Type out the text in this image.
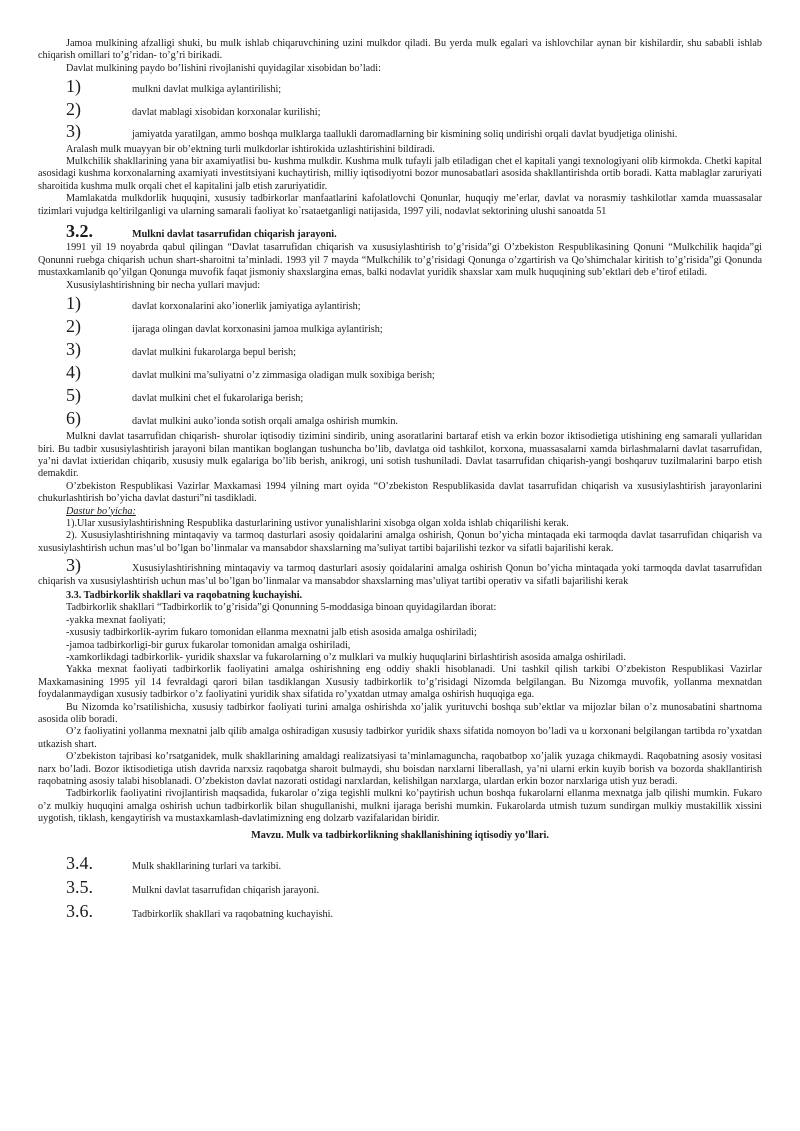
Jamoa mulkining afzalligi shuki, bu mulk ishlab chiqaruvchining uzini mulkdor qiladi. Bu yerda mulk egalari va ishlovchilar aynan bir kishilardir, shu sababli ishlab chiqarish omillari to’g’ridan- to’g’ri birikadi.

Davlat mulkining paydo bo’lishini rivojlanishi quyidagilar xisobidan bo’ladi:

1)	mulkni davlat mulkiga aylantirilishi;
2)	davlat mablagi xisobidan korxonalar kurilishi;
3)	jamiyatda yaratilgan, ammo boshqa mulklarga taallukli daromadlarning bir kismining soliq undirishi orqali davlat byudjetiga olinishi.

Aralash mulk muayyan bir ob’ektning turli mulkdorlar ishtirokida uzlashtirishini bildiradi.

Mulkchilik shakllarining yana bir axamiyatlisi bu- kushma mulkdir. Kushma mulk tufayli jalb etiladigan chet el kapitali yangi texnologiyani olib kirmokda. Chetki kapital asosidagi kushma korxonalarning axamiyati investitsiyani kuchaytirish, milliy iqtisodiyotni bozor munosabatlari asosida shakllantirishda ortib boradi. Katta mablaglar zaruriyati sharoitida kushma mulk orqali chet el kapitalini jalb etish zaruriyatidir.

Mamlakatda mulkdorlik huquqini, xususiy tadbirkorlar manfaatlarini kafolatlovchi Qonunlar, huquqiy me’erlar, davlat va norasmiy tashkilotlar xamda muassasalar tizimlari vujudga keltirilganligi va ularning samarali faoliyat ko`rsataetganligi natijasida, 1997 yili, nodavlat sektorining ulushi sanoatda 51

3.2.	Mulkni davlat tasarrufidan chiqarish jarayoni.

1991 yil 19 noyabrda qabul qilingan “Davlat tasarrufidan chiqarish va xususiylashtirish to’g’risida”gi O’zbekiston Respublikasining Qonuni “Mulkchilik haqida”gi Qonunni ruebga chiqarish uchun shart-sharoitni ta’minladi. 1993 yil 7 mayda “Mulkchilik to’g’risidagi Qonunga o’zgartirish va Qo’shimchalar kiritish to’g’risida”gi Qonunda mustaxkamlanib qo’yilgan Qonunga muvofik faqat jismoniy shaxslargina emas, balki nodavlat yuridik shaxslar xam mulk huquqining sub’ektlari deb e’tirof etiladi.

Xususiylashtirishning bir necha yullari mavjud:

1)	davlat korxonalarini ako’ionerlik jamiyatiga aylantirish;
2)	ijaraga olingan davlat korxonasini jamoa mulkiga aylantirish;
3)	davlat mulkini fukarolarga bepul berish;
4)	davlat mulkini ma’suliyatni o’z zimmasiga oladigan mulk soxibiga berish;
5)	davlat mulkini chet el fukarolariga berish;
6)	davlat mulkini auko’ionda sotish orqali amalga oshirish mumkin.

Mulkni davlat tasarrufidan chiqarish- shurolar iqtisodiy tizimini sindirib, uning asoratlarini bartaraf etish va erkin bozor iktisodietiga utishining eng samarali yullaridan biri. Bu tadbir xususiylashtirish jarayoni bilan mantikan boglangan tushuncha bo’lib, davlatga oid tashkilot, korxona, muassasalarni xamda birlashmalarni davlat tasarrufidan, ya’ni davlat ixtieridan chiqarib, xususiy mulk egalariga bo’lib berish, anikrogi, uni sotish tushuniladi. Davlat tasarrufidan chiqarish-yangi boshqaruv tuzilmalarini barpo etish demakdir.

O’zbekiston Respublikasi Vazirlar Maxkamasi 1994 yilning mart oyida “O’zbekiston Respublikasida davlat tasarrufidan chiqarish va xususiylashtirish jarayonlarini chukurlashtirish bo’yicha davlat dasturi”ni tasdikladi.

Dastur bo’yicha:

1).Ular xususiylashtirishning Respublika dasturlarining ustivor yunalishlarini xisobga olgan xolda ishlab chiqarilishi kerak.

2). Xususiylashtirishning mintaqaviy va tarmoq dasturlari asosiy qoidalarini amalga oshirish, Qonun bo’yicha mintaqada eki tarmoqda davlat tasarrufidan chiqarish va xususiylashtirish uchun mas’ul bo’lgan bo’linmalar va mansabdor shaxslarning ma’suliyat tartibi bajarilishi tezkor va sifatli bajarilishi kerak.

3)	Xususiylashtirishning mintaqaviy va tarmoq dasturlari asosiy qoidalarini amalga oshirish Qonun bo’yicha mintaqada yoki tarmoqda davlat tasarrufidan chiqarish va xususiylashtirish uchun mas’ul bo’lgan bo’linmalar va mansabdor shaxslarning mas’uliyat tartibi operativ va sifatli bajarilishi kerak

3.3. Tadbirkorlik shakllari va raqobatning kuchayishi.

Tadbirkorlik shakllari “Tadbirkorlik to’g’risida”gi Qonunning 5-moddasiga binoan quyidagilardan iborat:

-yakka mexnat faoliyati;

-xususiy tadbirkorlik-ayrim fukaro tomonidan ellanma mexnatni jalb etish asosida amalga oshiriladi;

-jamoa tadbirkorligi-bir gurux fukarolar tomonidan amalga oshiriladi,

-xamkorlikdagi tadbirkorlik- yuridik shaxslar va fukarolarning o’z mulklari va mulkiy huquqlarini birlashtirish asosida amalga oshiriladi.

Yakka mexnat faoliyati tadbirkorlik faoliyatini amalga oshirishning eng oddiy shakli hisoblanadi. Uni tashkil qilish tarkibi O’zbekiston Respublikasi Vazirlar Maxkamasining 1995 yil 14 fevraldagi qarori bilan tasdiklangan Xususiy tadbirkorlik to’g’risidagi Nizomda belgilangan. Bu Nizomga muvofik, yollanma mexnatdan foydalanmaydigan xususiy tadbirkor o’z faoliyatini yuridik shax sifatida ro’yxatdan utmay amalga oshirish huquqiga ega.

Bu Nizomda ko’rsatilishicha, xususiy tadbirkor faoliyati turini amalga oshirishda xo’jalik yurituvchi boshqa sub’ektlar va mijozlar bilan o’z munosabatini shartnoma asosida olib boradi.

O’z faoliyatini yollanma mexnatni jalb qilib amalga oshiradigan xususiy tadbirkor yuridik shaxs sifatida nomoyon bo’ladi va u korxonani belgilangan tartibda ro’yxatdan utkazish shart.

O’zbekiston tajribasi ko’rsatganidek, mulk shakllarining amaldagi realizatsiyasi ta’minlamaguncha, raqobatbop xo’jalik yuzaga chikmaydi. Raqobatning asosiy vositasi narx bo’ladi. Bozor iktisodietiga utish davrida narxsiz raqobatga sharoit bulmaydi, shu boisdan narxlarni liberallash, ya’ni ularni erkin kuyib borish va bozorda shakllantirish raqobatning asosiy talabi hisoblanadi. O’zbekiston davlat nazorati ostidagi narxlardan, kelishilgan narxlarga, ulardan erkin bozor narxlariga utish yuz beradi.

Tadbirkorlik faoliyatini rivojlantirish maqsadida, fukarolar o’ziga tegishli mulkni ko’paytirish uchun boshqa fukarolarni ellanma mexnatga jalb qilishi mumkin. Fukaro o’z mulkiy huquqini amalga oshirish uchun tadbirkorlik bilan shugullanishi, mulkni ijaraga berishi mumkin. Fukarolarda utmish tuzum sundirgan mulkiy mustakillik xissini uygotish, tiklash, kengaytirish va mustaxkamlash-davlatimizning eng dolzarb vazifalaridan biridir.

Mavzu. Mulk va tadbirkorlikning shakllanishining iqtisodiy yo’llari.

3.4.	Mulk shakllarining turlari va tarkibi.
3.5.	Mulkni davlat tasarrufidan chiqarish jarayoni.
3.6.	Tadbirkorlik shakllari va raqobatning kuchayishi.
